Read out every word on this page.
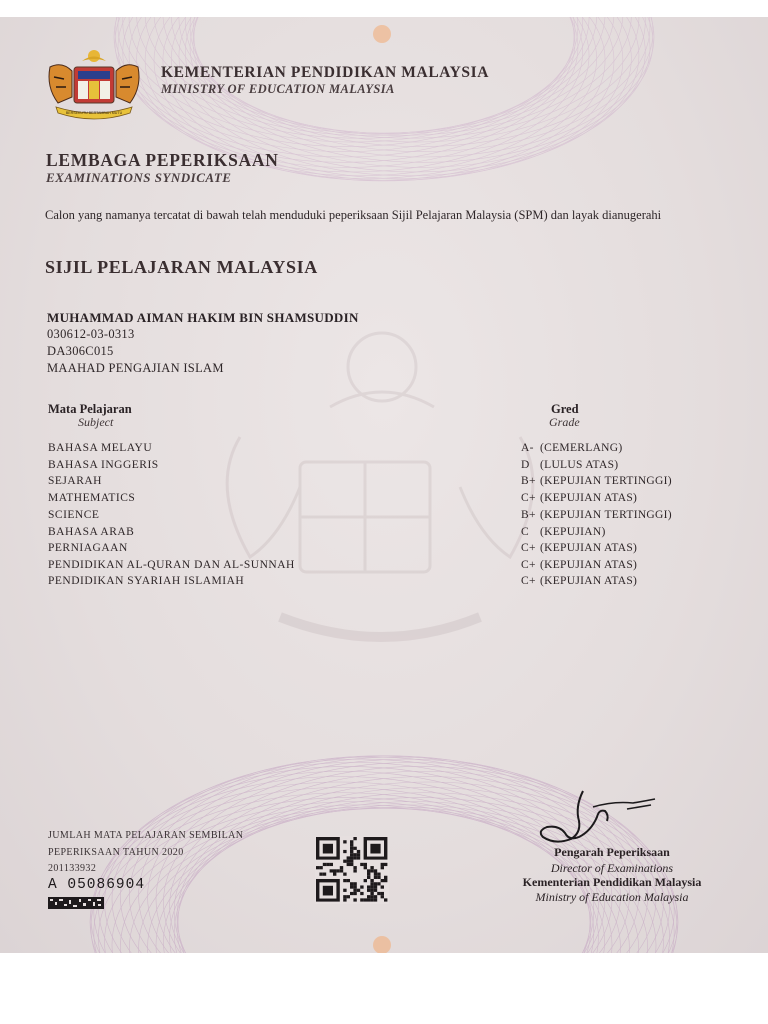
BERSEKUTU BERTAMBAH MUTU
KEMENTERIAN PENDIDIKAN MALAYSIA
MINISTRY OF EDUCATION MALAYSIA
LEMBAGA PEPERIKSAAN
EXAMINATIONS SYNDICATE
Calon yang namanya tercatat di bawah telah menduduki peperiksaan Sijil Pelajaran Malaysia (SPM) dan layak dianugerahi
SIJIL PELAJARAN MALAYSIA
MUHAMMAD AIMAN HAKIM BIN SHAMSUDDIN
030612-03-0313
DA306C015
MAAHAD PENGAJIAN ISLAM
Mata Pelajaran
Subject
Gred
Grade
BAHASA MELAYU	A- (CEMERLANG)
BAHASA INGGERIS	D (LULUS ATAS)
SEJARAH	B+ (KEPUJIAN TERTINGGI)
MATHEMATICS	C+ (KEPUJIAN ATAS)
SCIENCE	B+ (KEPUJIAN TERTINGGI)
BAHASA ARAB	C (KEPUJIAN)
PERNIAGAAN	C+ (KEPUJIAN ATAS)
PENDIDIKAN AL-QURAN DAN AL-SUNNAH	C+ (KEPUJIAN ATAS)
PENDIDIKAN SYARIAH ISLAMIAH	C+ (KEPUJIAN ATAS)
JUMLAH MATA PELAJARAN SEMBILAN
PEPERIKSAAN TAHUN 2020
201133932
A 05086904
Pengarah Peperiksaan
Director of Examinations
Kementerian Pendidikan Malaysia
Ministry of Education Malaysia
